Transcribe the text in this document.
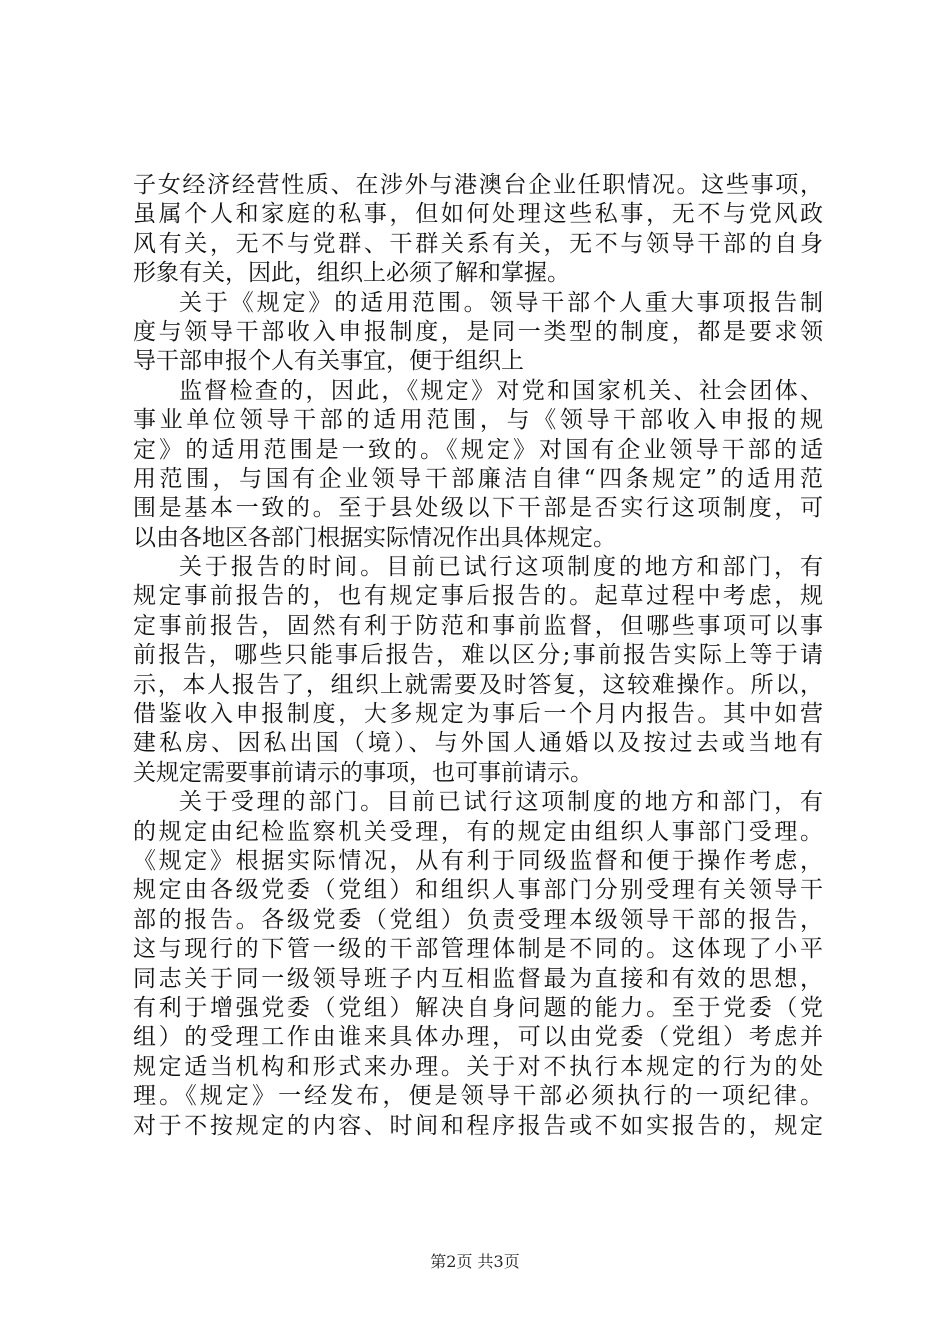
子女经济经营性质、在涉外与港澳台企业任职情况。这些事项，
虽属个人和家庭的私事，但如何处理这些私事，无不与党风政
风有关，无不与党群、干群关系有关，无不与领导干部的自身
形象有关，因此，组织上必须了解和掌握。
关于《规定》的适用范围。领导干部个人重大事项报告制
度与领导干部收入申报制度，是同一类型的制度，都是要求领
导干部申报个人有关事宜，便于组织上
监督检查的，因此，《规定》对党和国家机关、社会团体、
事业单位领导干部的适用范围，与《领导干部收入申报的规
定》的适用范围是一致的。《规定》对国有企业领导干部的适
用范围，与国有企业领导干部廉洁自律“四条规定”的适用范
围是基本一致的。至于县处级以下干部是否实行这项制度，可
以由各地区各部门根据实际情况作出具体规定。
关于报告的时间。目前已试行这项制度的地方和部门，有
规定事前报告的，也有规定事后报告的。起草过程中考虑，规
定事前报告，固然有利于防范和事前监督，但哪些事项可以事
前报告，哪些只能事后报告，难以区分;事前报告实际上等于请
示，本人报告了，组织上就需要及时答复，这较难操作。所以，
借鉴收入申报制度，大多规定为事后一个月内报告。其中如营
建私房、因私出国（境）、与外国人通婚以及按过去或当地有
关规定需要事前请示的事项，也可事前请示。
关于受理的部门。目前已试行这项制度的地方和部门，有
的规定由纪检监察机关受理，有的规定由组织人事部门受理。
《规定》根据实际情况，从有利于同级监督和便于操作考虑，
规定由各级党委（党组）和组织人事部门分别受理有关领导干
部的报告。各级党委（党组）负责受理本级领导干部的报告，
这与现行的下管一级的干部管理体制是不同的。这体现了小平
同志关于同一级领导班子内互相监督最为直接和有效的思想，
有利于增强党委（党组）解决自身问题的能力。至于党委（党
组）的受理工作由谁来具体办理，可以由党委（党组）考虑并
规定适当机构和形式来办理。关于对不执行本规定的行为的处
理。《规定》一经发布，便是领导干部必须执行的一项纪律。
对于不按规定的内容、时间和程序报告或不如实报告的，规定
第2页 共3页
